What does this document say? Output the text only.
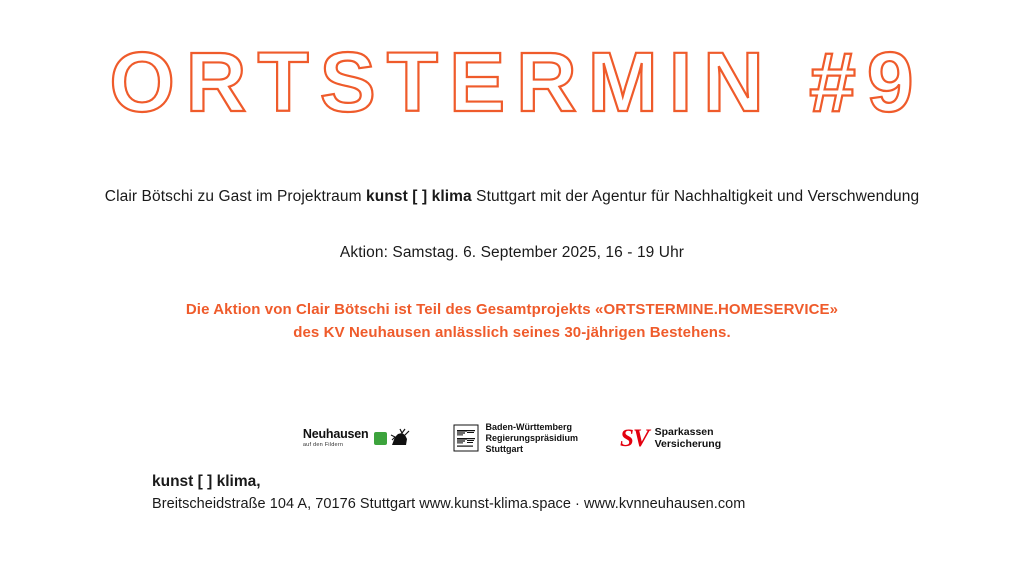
ORTSTERMIN #9
Clair Bötschi zu Gast im Projektraum kunst [ ] klima Stuttgart mit der Agentur für Nachhaltigkeit und Verschwendung
Aktion: Samstag. 6. September 2025, 16 - 19 Uhr
Die Aktion von Clair Bötschi ist Teil des Gesamtprojekts «ORTSTERMINE.HOMESERVICE»
des KV Neuhausen anlässlich seines 30-jährigen Bestehens.
Neuhausen
auf den Fildern
Baden-Württemberg
Regierungspräsidium
Stuttgart	SV Sparkassen
Versicherung
kunst [ ] klima,
Breitscheidstraße 104 A, 70176 Stuttgart www.kunst-klima.space · www.kvnneuhausen.com
